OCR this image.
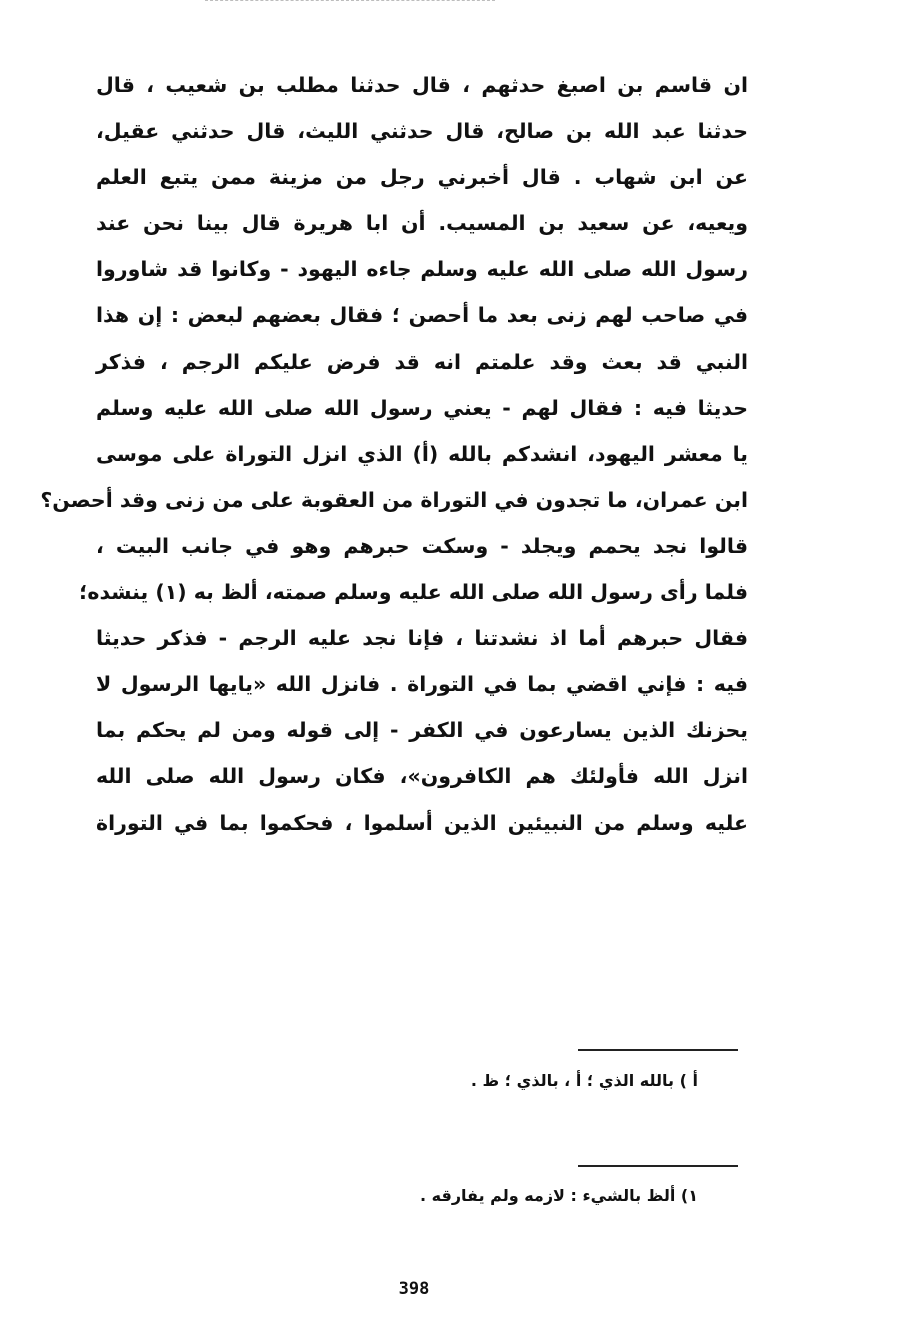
ان قاسم بن اصبغ حدثهم ، قال حدثنا مطلب بن شعيب ، قال
حدثنا عبد الله بن صالح، قال حدثني الليث، قال حدثني عقيل،
عن ابن شهاب . قال أخبرني رجل من مزينة ممن يتبع العلم
ويعيه، عن سعيد بن المسيب. أن ابا هريرة قال بينا نحن عند
رسول الله صلى الله عليه وسلم جاءه اليهود - وكانوا قد شاوروا
في صاحب لهم زنى بعد ما أحصن ؛ فقال بعضهم لبعض : إن هذا
النبي قد بعث وقد علمتم انه قد فرض عليكم الرجم ، فذكر
حديثا فيه : فقال لهم - يعني رسول الله صلى الله عليه وسلم
يا معشر اليهود، انشدكم بالله (أ) الذي انزل التوراة على موسى
ابن عمران، ما تجدون في التوراة من العقوبة على من زنى وقد أحصن؟
قالوا نجد يحمم ويجلد - وسكت حبرهم وهو في جانب البيت ،
فلما رأى رسول الله صلى الله عليه وسلم صمته، ألظ به (١) ينشده؛
فقال حبرهم أما اذ نشدتنا ، فإنا نجد عليه الرجم - فذكر حديثا
فيه : فإني اقضي بما في التوراة . فانزل الله «يايها الرسول لا
يحزنك الذين يسارعون في الكفر - إلى قوله ومن لم يحكم بما
انزل الله فأولئك هم الكافرون»، فكان رسول الله صلى الله
عليه وسلم من النبيئين الذين أسلموا ، فحكموا بما في التوراة
أ ) بالله الذي ؛ أ ، بالذي ؛ ظ .
١) ألظ بالشيء : لازمه ولم يفارقه .
398
